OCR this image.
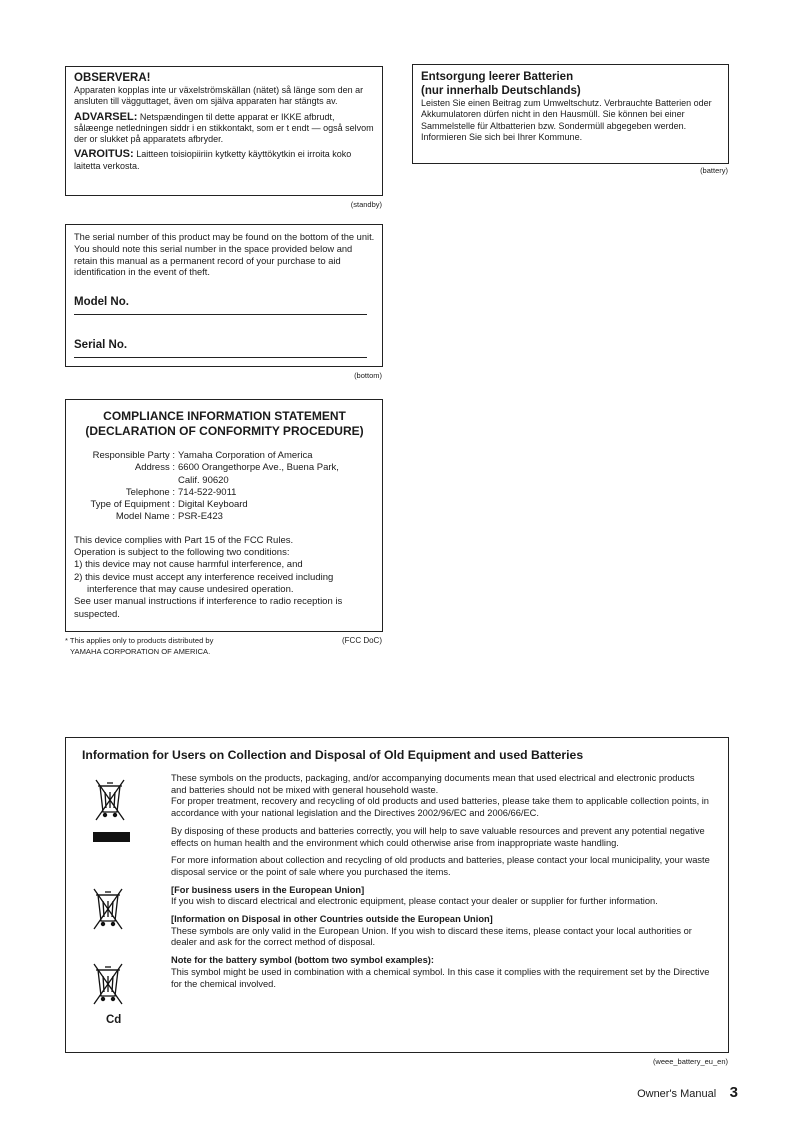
OBSERVERA!

Apparaten kopplas inte ur växelströmskällan (nätet) så länge som den ar ansluten till vägguttaget, även om själva apparaten har stängts av.

ADVARSEL: Netspændingen til dette apparat er IKKE afbrudt, sålæenge netledningen siddr i en stikkontakt, som er t endt — også selvom der or slukket på apparatets afbryder.

VAROITUS: Laitteen toisiopiiriin kytketty käyttökytkin ei irroita koko laitetta verkosta.

(standby)

Entsorgung leerer Batterien

(nur innerhalb Deutschlands)

Leisten Sie einen Beitrag zum Umweltschutz. Verbrauchte Batterien oder Akkumulatoren dürfen nicht in den Hausmüll. Sie können bei einer Sammelstelle für Altbatterien bzw. Sondermüll abgegeben werden. Informieren Sie sich bei Ihrer Kommune.

(battery)

The serial number of this product may be found on the bottom of the unit. You should note this serial number in the space provided below and retain this manual as a permanent record of your purchase to aid identification in the event of theft.

Model No.
Serial No.
(bottom)

COMPLIANCE INFORMATION STATEMENT

(DECLARATION OF CONFORMITY PROCEDURE)

Responsible Party : Yamaha Corporation of America
Address : 6600 Orangethorpe Ave., Buena Park,
Calif. 90620
Telephone : 714-522-9011
Type of Equipment : Digital Keyboard
Model Name : PSR-E423

This device complies with Part 15 of the FCC Rules.

Operation is subject to the following two conditions:

1) this device may not cause harmful interference, and

2) this device must accept any interference received including

interference that may cause undesired operation.

See user manual instructions if interference to radio reception is suspected.

* This applies only to products distributed by

YAMAHA CORPORATION OF AMERICA.

(FCC DoC)

Information for Users on Collection and Disposal of Old Equipment and used Batteries

Cd

These symbols on the products, packaging, and/or accompanying documents mean that used electrical and electronic products and batteries should not be mixed with general household waste.

For proper treatment, recovery and recycling of old products and used batteries, please take them to applicable collection points, in accordance with your national legislation and the Directives 2002/96/EC and 2006/66/EC.

By disposing of these products and batteries correctly, you will help to save valuable resources and prevent any potential negative effects on human health and the environment which could otherwise arise from inappropriate waste handling.

For more information about collection and recycling of old products and batteries, please contact your local municipality, your waste disposal service or the point of sale where you purchased the items.

[For business users in the European Union]

If you wish to discard electrical and electronic equipment, please contact your dealer or supplier for further information.

[Information on Disposal in other Countries outside the European Union]

These symbols are only valid in the European Union. If you wish to discard these items, please contact your local authorities or dealer and ask for the correct method of disposal.

Note for the battery symbol (bottom two symbol examples):

This symbol might be used in combination with a chemical symbol. In this case it complies with the requirement set by the Directive for the chemical involved.

(weee_battery_eu_en)
Owner's Manual 3
